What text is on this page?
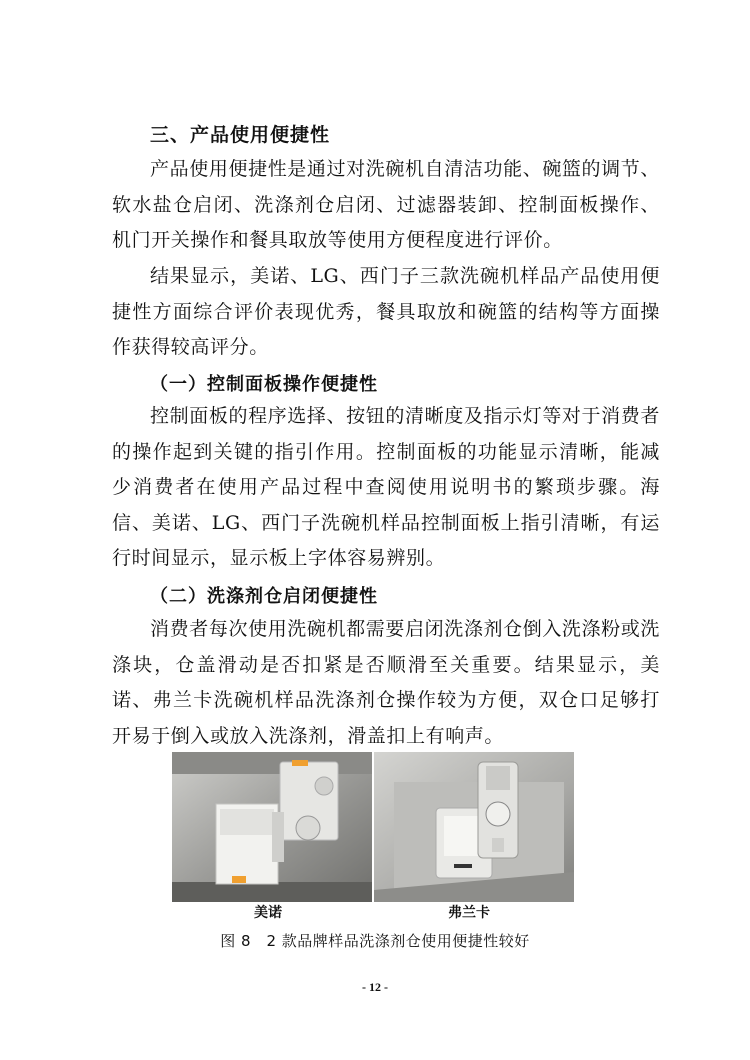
三、产品使用便捷性
产品使用便捷性是通过对洗碗机自清洁功能、碗篮的调节、软水盐仓启闭、洗涤剂仓启闭、过滤器装卸、控制面板操作、机门开关操作和餐具取放等使用方便程度进行评价。
结果显示，美诺、LG、西门子三款洗碗机样品产品使用便捷性方面综合评价表现优秀，餐具取放和碗篮的结构等方面操作获得较高评分。
（一）控制面板操作便捷性
控制面板的程序选择、按钮的清晰度及指示灯等对于消费者的操作起到关键的指引作用。控制面板的功能显示清晰，能减少消费者在使用产品过程中查阅使用说明书的繁琐步骤。海信、美诺、LG、西门子洗碗机样品控制面板上指引清晰，有运行时间显示，显示板上字体容易辨别。
（二）洗涤剂仓启闭便捷性
消费者每次使用洗碗机都需要启闭洗涤剂仓倒入洗涤粉或洗涤块，仓盖滑动是否扣紧是否顺滑至关重要。结果显示，美诺、弗兰卡洗碗机样品洗涤剂仓操作较为方便，双仓口足够打开易于倒入或放入洗涤剂，滑盖扣上有响声。
美诺	弗兰卡
图 8　2 款品牌样品洗涤剂仓使用便捷性较好
- 12 -
